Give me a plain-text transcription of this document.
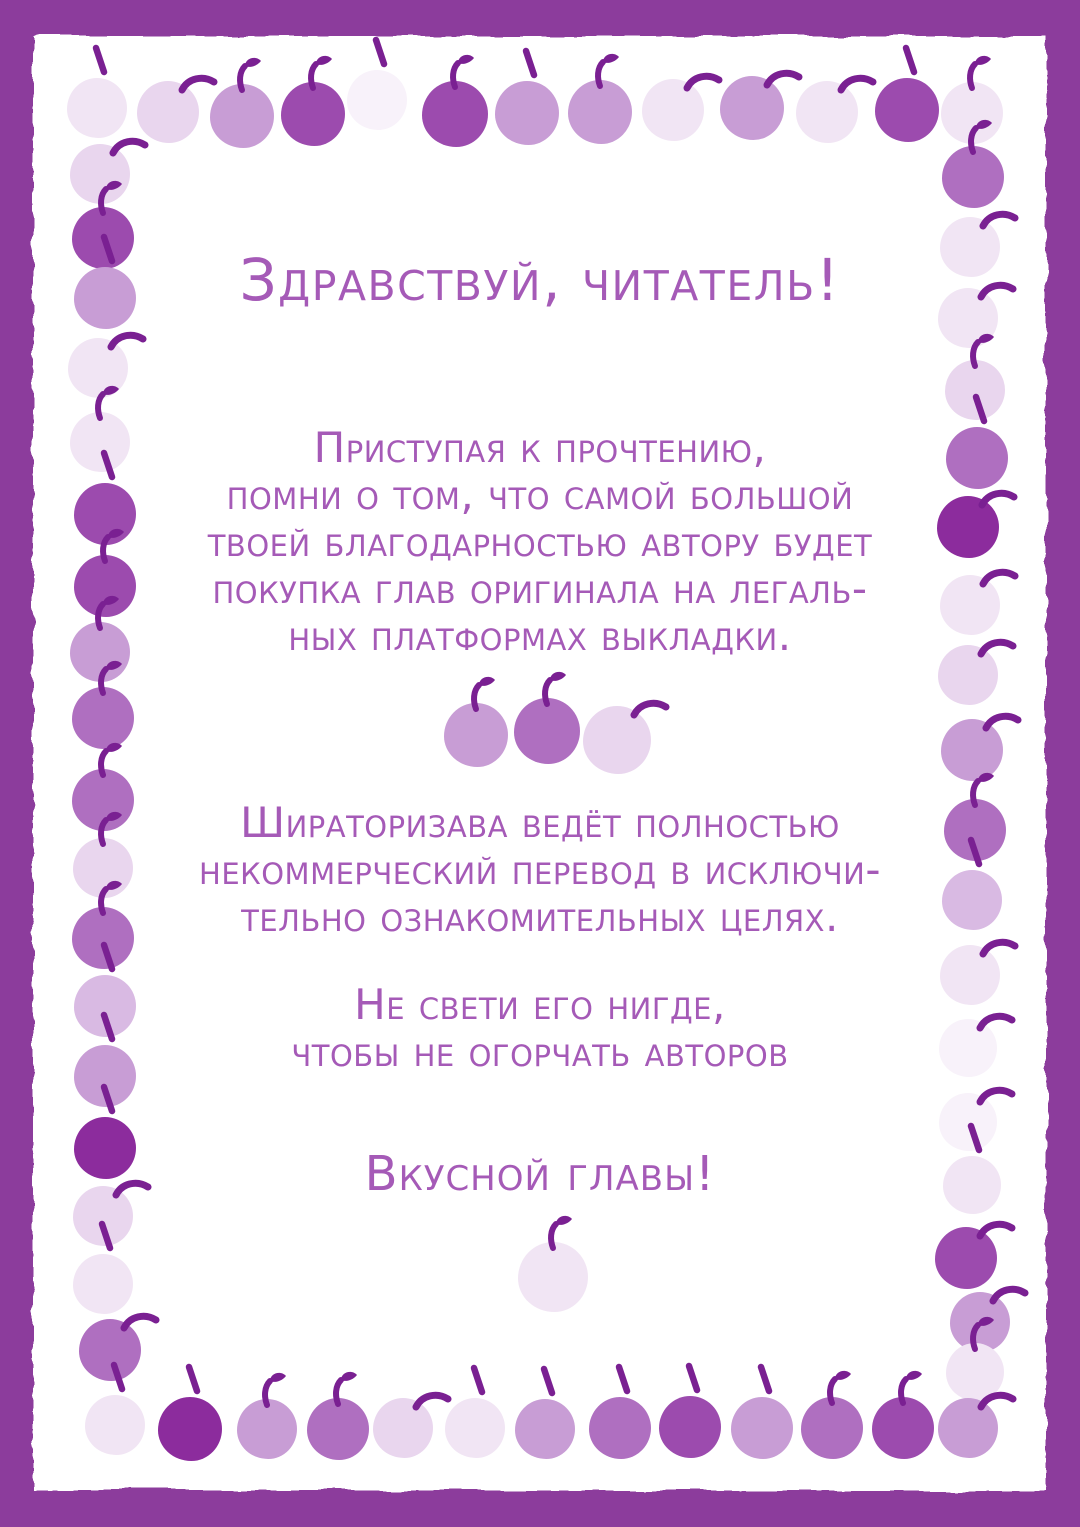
Здравствуй, читатель!
Приступая к прочтению,
помни о том, что самой большой
твоей благодарностью автору будет
покупка глав оригинала на легаль-
ных платформах выкладки.
Шираторизава ведёт полностью
некоммерческий перевод в исключи-
тельно ознакомительных целях.
Не свети его нигде,
чтобы не огорчать авторов
Вкусной главы!
